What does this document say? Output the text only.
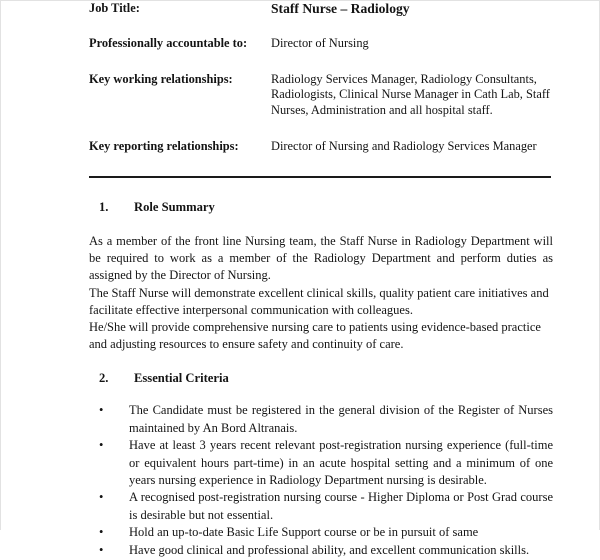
Job Title:	Staff Nurse – Radiology

Professionally accountable to:	Director of Nursing

Key working relationships:	Radiology Services Manager, Radiology Consultants, Radiologists, Clinical Nurse Manager in Cath Lab, Staff Nurses, Administration and all hospital staff.

Key reporting relationships:	Director of Nursing and Radiology Services Manager
1.	Role Summary

As a member of the front line Nursing team, the Staff Nurse in Radiology Department will be required to work as a member of the Radiology Department and perform duties as assigned by the Director of Nursing.

The Staff Nurse will demonstrate excellent clinical skills, quality patient care initiatives and facilitate effective interpersonal communication with colleagues.

He/She will provide comprehensive nursing care to patients using evidence-based practice and adjusting resources to ensure safety and continuity of care.

2.	Essential Criteria
•	The Candidate must be registered in the general division of the Register of Nurses maintained by An Bord Altranais.
•	Have at least 3 years recent relevant post-registration nursing experience (full-time or equivalent hours part-time) in an acute hospital setting and a minimum of one years nursing experience in Radiology Department nursing is desirable.
•	A recognised post-registration nursing course - Higher Diploma or Post Grad course is desirable but not essential.
•	Hold an up-to-date Basic Life Support course or be in pursuit of same
•	Have good clinical and professional ability, and excellent communication skills.
